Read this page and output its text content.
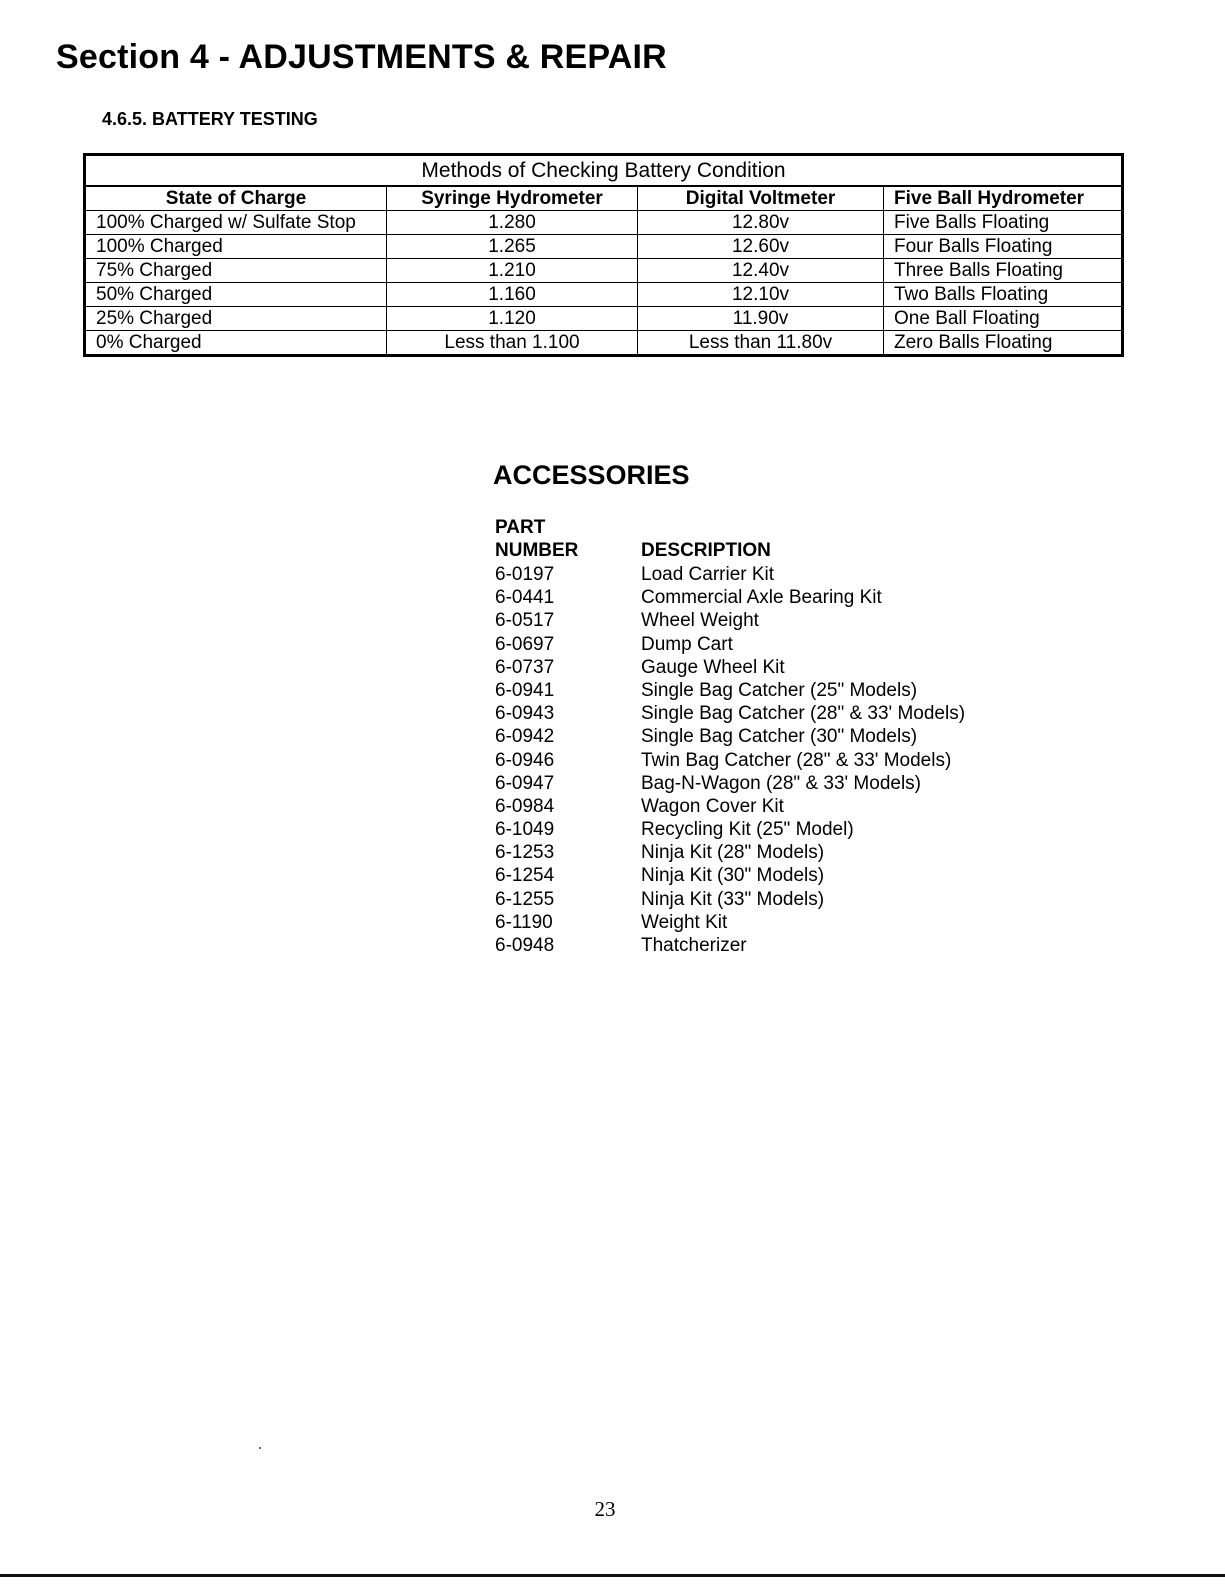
Section 4 - ADJUSTMENTS & REPAIR
4.6.5. BATTERY TESTING
Methods of Checking Battery Condition			
State of Charge	Syringe Hydrometer	Digital Voltmeter	Five Ball Hydrometer
100% Charged w/ Sulfate Stop	1.280	12.80v	Five Balls Floating
100% Charged	1.265	12.60v	Four Balls Floating
75% Charged	1.210	12.40v	Three Balls Floating
50% Charged	1.160	12.10v	Two Balls Floating
25% Charged	1.120	11.90v	One Ball Floating
0% Charged	Less than 1.100	Less than 11.80v	Zero Balls Floating
ACCESSORIES
PART
NUMBER	DESCRIPTION
6-0197	Load Carrier Kit
6-0441	Commercial Axle Bearing Kit
6-0517	Wheel Weight
6-0697	Dump Cart
6-0737	Gauge Wheel Kit
6-0941	Single Bag Catcher (25" Models)
6-0943	Single Bag Catcher (28" & 33' Models)
6-0942	Single Bag Catcher (30" Models)
6-0946	Twin Bag Catcher (28" & 33' Models)
6-0947	Bag-N-Wagon (28" & 33' Models)
6-0984	Wagon Cover Kit
6-1049	Recycling Kit (25" Model)
6-1253	Ninja Kit (28" Models)
6-1254	Ninja Kit (30" Models)
6-1255	Ninja Kit (33" Models)
6-1190	Weight Kit
6-0948	Thatcherizer
23
